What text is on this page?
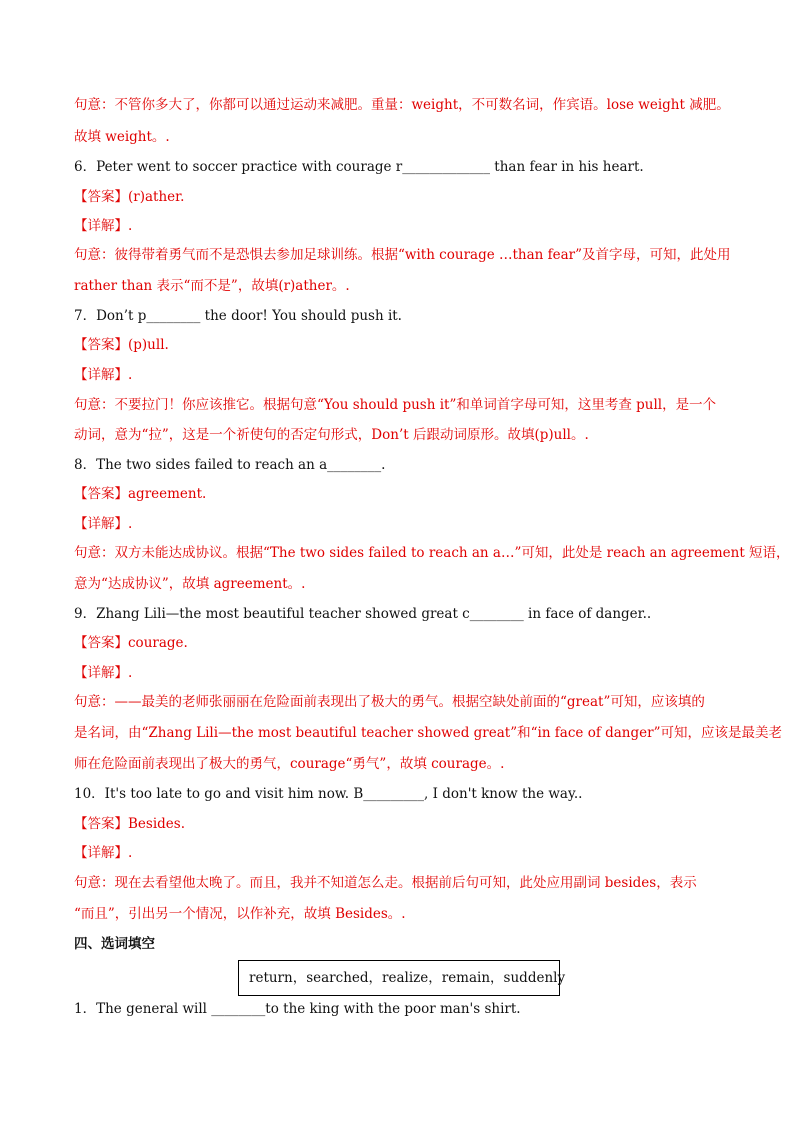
句意：不管你多大了，你都可以通过运动来减肥。重量：weight，不可数名词，作宾语。lose weight 减肥。
故填 weight。.
6．Peter went to soccer practice with courage r_____________ than fear in his heart.
【答案】(r)ather.
【详解】.
句意：彼得带着勇气而不是恐惧去参加足球训练。根据“with courage …than fear”及首字母，可知，此处用
rather than 表示“而不是”，故填(r)ather。.
7．Don’t p________ the door! You should push it.
【答案】(p)ull.
【详解】.
句意：不要拉门！你应该推它。根据句意“You should push it”和单词首字母可知，这里考查 pull，是一个
动词，意为“拉”，这是一个祈使句的否定句形式，Don’t 后跟动词原形。故填(p)ull。.
8．The two sides failed to reach an a________.
【答案】agreement.
【详解】.
句意：双方未能达成协议。根据“The two sides failed to reach an a…”可知，此处是 reach an agreement 短语，
意为“达成协议”，故填 agreement。.
9．Zhang Lili—the most beautiful teacher showed great c________ in face of danger..
【答案】courage.
【详解】.
句意：——最美的老师张丽丽在危险面前表现出了极大的勇气。根据空缺处前面的“great”可知，应该填的
是名词，由“Zhang Lili—the most beautiful teacher showed great”和“in face of danger”可知，应该是最美老
师在危险面前表现出了极大的勇气，courage“勇气”，故填 courage。.
10．It's too late to go and visit him now. B_________, I don't know the way..
【答案】Besides.
【详解】.
句意：现在去看望他太晚了。而且，我并不知道怎么走。根据前后句可知，此处应用副词 besides，表示
“而且”，引出另一个情况，以作补充，故填 Besides。.
四、选词填空
return，searched，realize，remain，suddenly
1．The general will ________to the king with the poor man's shirt.
